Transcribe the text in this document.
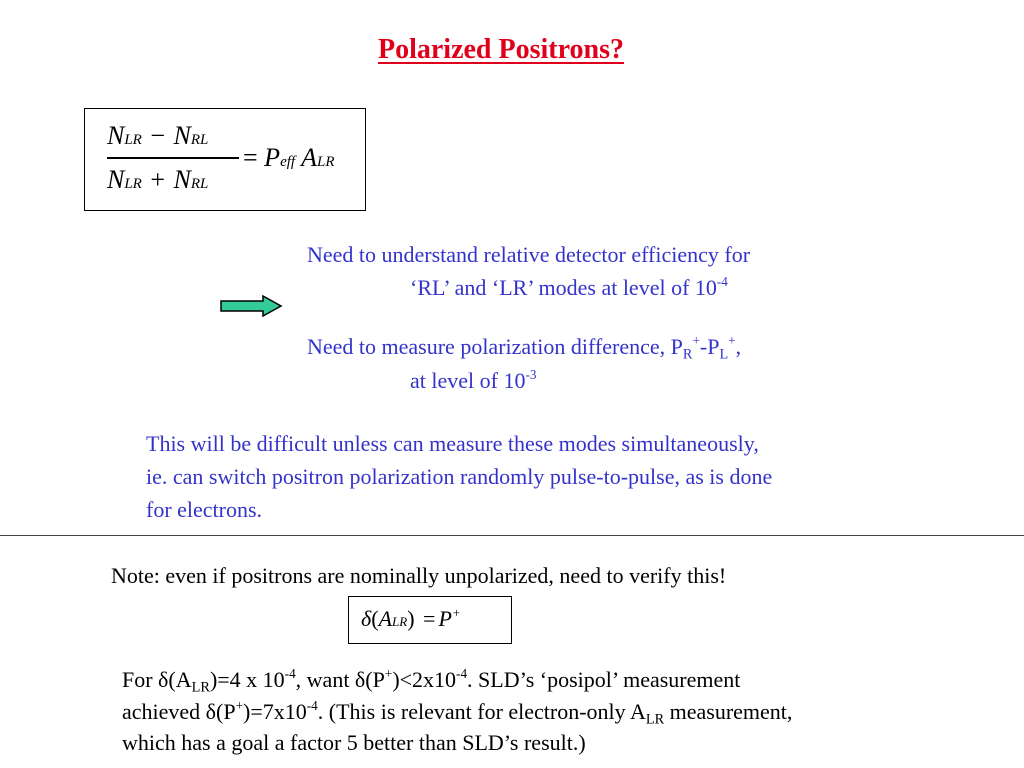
Polarized Positrons?
NLR − NRL
NLR + NRL
= Peff ALR
Need to understand relative detector efficiency for
‘RL’ and ‘LR’ modes at level of $10^{-4}$
Need to measure polarization difference, $P_R^+-P_L^+$,
at level of $10^{-3}$
This will be difficult unless can measure these modes simultaneously,
ie. can switch positron polarization randomly pulse-to-pulse, as is done
for electrons.
Note: even if positrons are nominally unpolarized, need to verify this!
δ(ALR) = P+
For $\delta(A_{LR})=4$ x $10^{-4}$, want $\delta(P^+)<2x10^{-4}$. SLD’s ‘posipol’ measurement
achieved $\delta(P^+)=7x10^{-4}$. (This is relevant for electron-only $A_{LR}$ measurement,
which has a goal a factor 5 better than SLD’s result.)
